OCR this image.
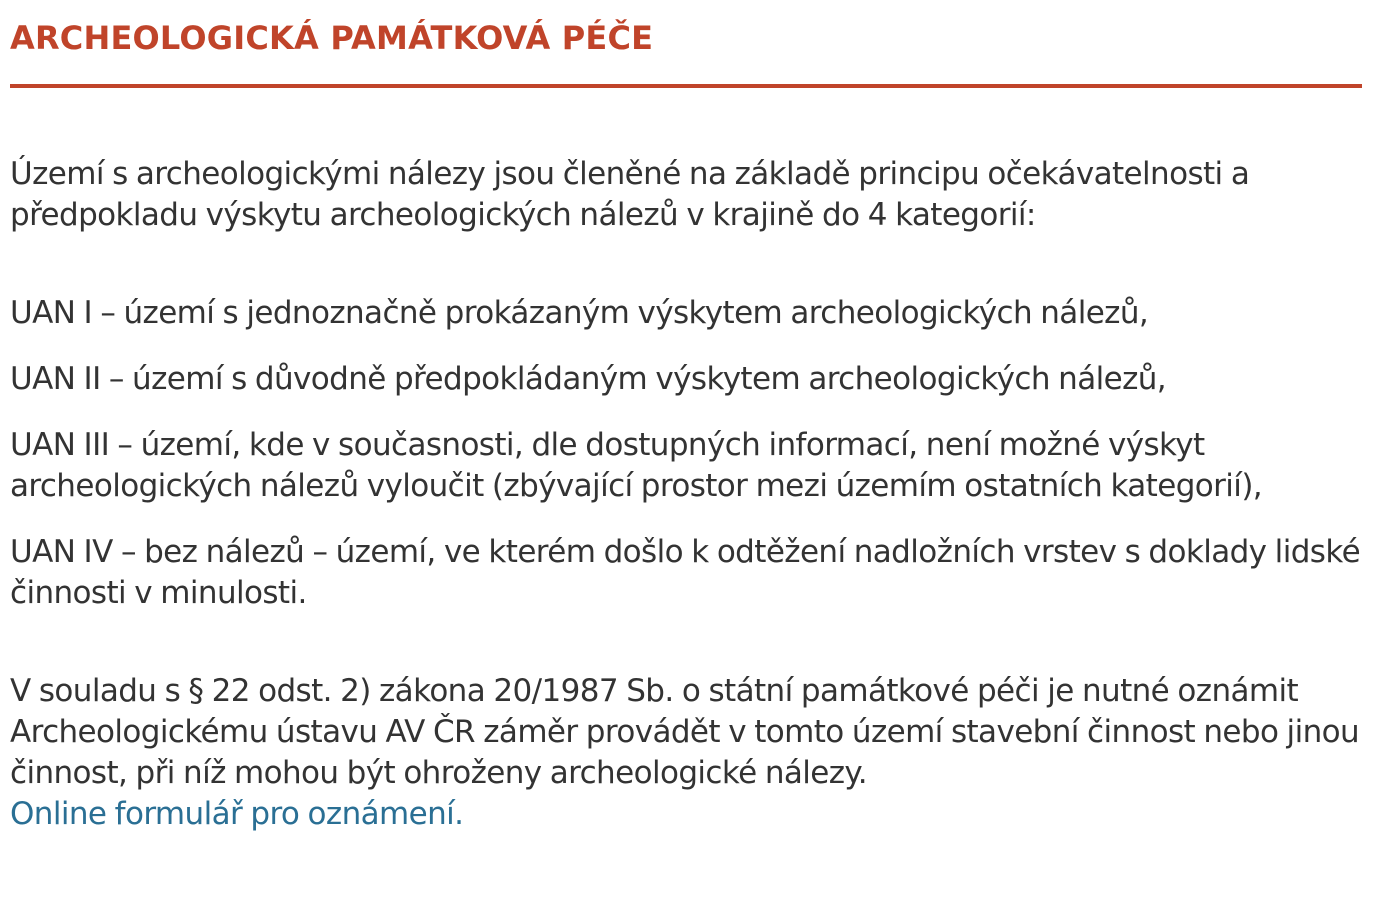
ARCHEOLOGICKÁ PAMÁTKOVÁ PÉČE

Území s archeologickými nálezy jsou členěné na základě principu očekávatelnosti a předpokladu výskytu archeologických nálezů v krajině do 4 kategorií:

UAN I – území s jednoznačně prokázaným výskytem archeologických nálezů,

UAN II – území s důvodně předpokládaným výskytem archeologických nálezů,

UAN III – území, kde v současnosti, dle dostupných informací, není možné výskyt archeologických nálezů vyloučit (zbývající prostor mezi územím ostatních kategorií),

UAN IV – bez nálezů – území, ve kterém došlo k odtěžení nadložních vrstev s doklady lidské činnosti v minulosti.

V souladu s § 22 odst. 2) zákona 20/1987 Sb. o státní památkové péči je nutné oznámit Archeologickému ústavu AV ČR záměr provádět v tomto území stavební činnost nebo jinou činnost, při níž mohou být ohroženy archeologické nálezy.
Online formulář pro oznámení.
